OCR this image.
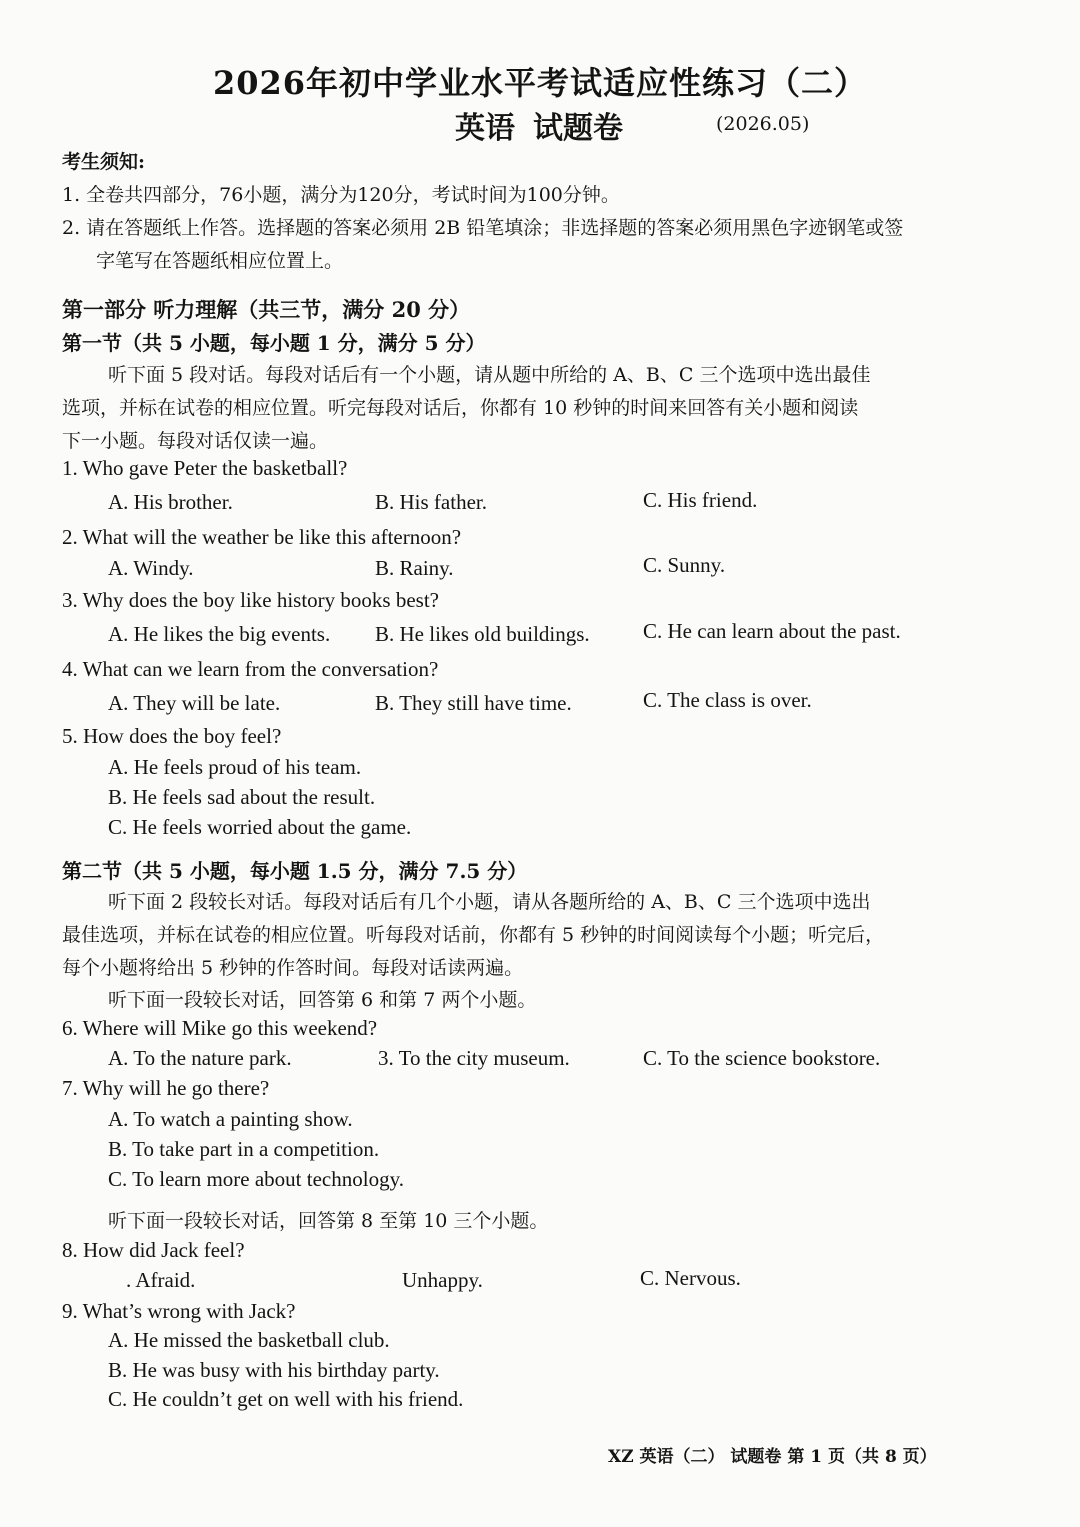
2026年初中学业水平考试适应性练习（二）
英语 试题卷	(2026.05)
考生须知:
1. 全卷共四部分，76小题，满分为120分，考试时间为100分钟。
2. 请在答题纸上作答。选择题的答案必须用 2B 铅笔填涂；非选择题的答案必须用黑色字迹钢笔或签
字笔写在答题纸相应位置上。
第一部分 听力理解（共三节，满分 20 分）
第一节（共 5 小题，每小题 1 分，满分 5 分）
听下面 5 段对话。每段对话后有一个小题，请从题中所给的 A、B、C 三个选项中选出最佳
选项，并标在试卷的相应位置。听完每段对话后，你都有 10 秒钟的时间来回答有关小题和阅读
下一小题。每段对话仅读一遍。
1. Who gave Peter the basketball?
A. His brother.	B. His father.	C. His friend.
2. What will the weather be like this afternoon?
A. Windy.	B. Rainy.	C. Sunny.
3. Why does the boy like history books best?
A. He likes the big events. B. He likes old buildings.	C. He can learn about the past.
4. What can we learn from the conversation?
A. They will be late.	B. They still have time.	C. The class is over.
5. How does the boy feel?
A. He feels proud of his team.
B. He feels sad about the result.
C. He feels worried about the game.
第二节（共 5 小题，每小题 1.5 分，满分 7.5 分）
听下面 2 段较长对话。每段对话后有几个小题，请从各题所给的 A、B、C 三个选项中选出
最佳选项，并标在试卷的相应位置。听每段对话前，你都有 5 秒钟的时间阅读每个小题；听完后，
每个小题将给出 5 秒钟的作答时间。每段对话读两遍。
听下面一段较长对话，回答第 6 和第 7 两个小题。
6. Where will Mike go this weekend?
A. To the nature park.	3. To the city museum.	C. To the science bookstore.
7. Why will he go there?
A. To watch a painting show.
B. To take part in a competition.
C. To learn more about technology.
听下面一段较长对话，回答第 8 至第 10 三个小题。
8. How did Jack feel?
. Afraid.	Unhappy.	C. Nervous.
9. What’s wrong with Jack?
A. He missed the basketball club.
B. He was busy with his birthday party.
C. He couldn’t get on well with his friend.
XZ 英语（二） 试题卷 第 1 页（共 8 页）
